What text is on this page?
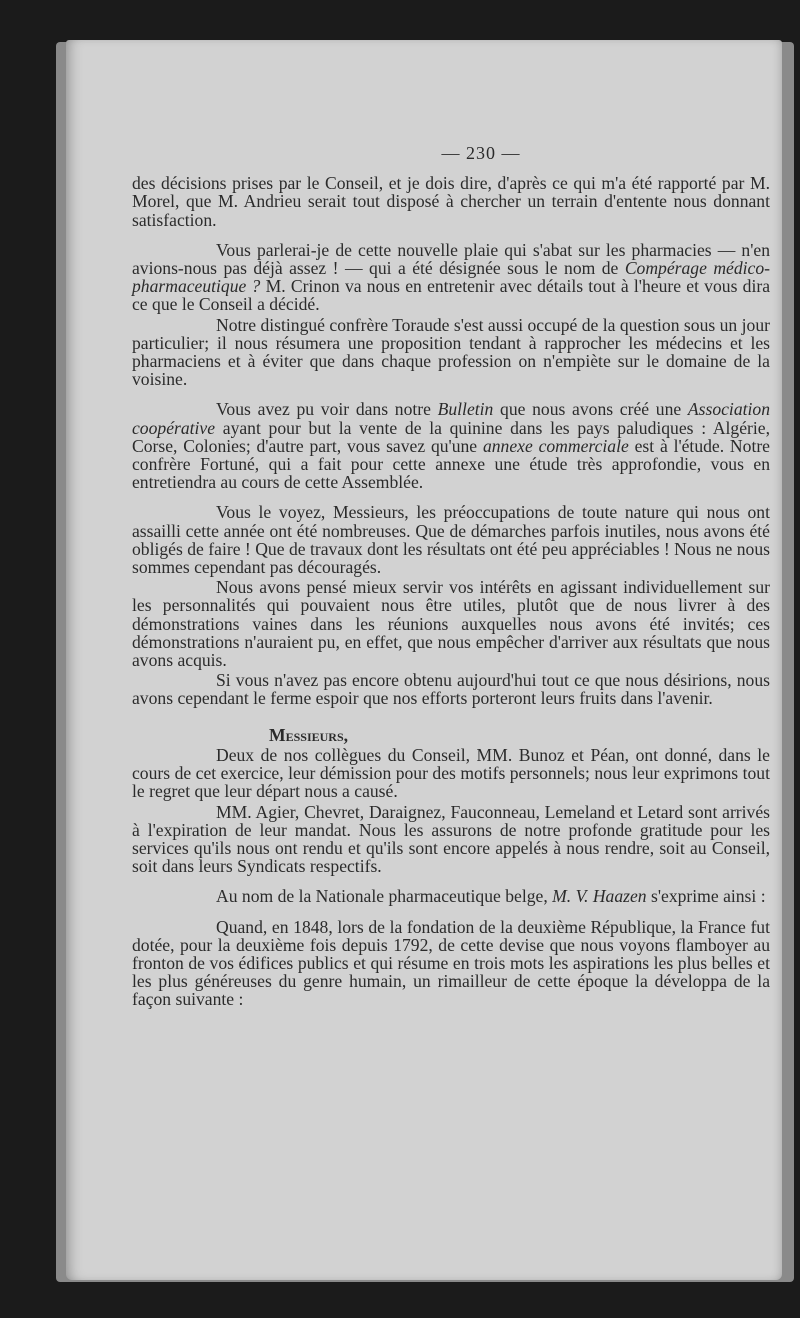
— 230 —

des décisions prises par le Conseil, et je dois dire, d'après ce qui m'a été rapporté par M. Morel, que M. Andrieu serait tout disposé à chercher un terrain d'entente nous donnant satisfaction.

Vous parlerai-je de cette nouvelle plaie qui s'abat sur les pharmacies — n'en avions-nous pas déjà assez ! — qui a été désignée sous le nom de Compérage médico-pharmaceutique ? M. Crinon va nous en entretenir avec détails tout à l'heure et vous dira ce que le Conseil a décidé.

Notre distingué confrère Toraude s'est aussi occupé de la question sous un jour particulier; il nous résumera une proposition tendant à rapprocher les médecins et les pharmaciens et à éviter que dans chaque profession on n'empiète sur le domaine de la voisine.

Vous avez pu voir dans notre Bulletin que nous avons créé une Association coopérative ayant pour but la vente de la quinine dans les pays paludiques : Algérie, Corse, Colonies; d'autre part, vous savez qu'une annexe commerciale est à l'étude. Notre confrère Fortuné, qui a fait pour cette annexe une étude très approfondie, vous en entretiendra au cours de cette Assemblée.

Vous le voyez, Messieurs, les préoccupations de toute nature qui nous ont assailli cette année ont été nombreuses. Que de démarches parfois inutiles, nous avons été obligés de faire ! Que de travaux dont les résultats ont été peu appréciables ! Nous ne nous sommes cependant pas découragés.

Nous avons pensé mieux servir vos intérêts en agissant individuellement sur les personnalités qui pouvaient nous être utiles, plutôt que de nous livrer à des démonstrations vaines dans les réunions auxquelles nous avons été invités; ces démonstrations n'auraient pu, en effet, que nous empêcher d'arriver aux résultats que nous avons acquis.

Si vous n'avez pas encore obtenu aujourd'hui tout ce que nous désirions, nous avons cependant le ferme espoir que nos efforts porteront leurs fruits dans l'avenir.

Messieurs,

Deux de nos collègues du Conseil, MM. Bunoz et Péan, ont donné, dans le cours de cet exercice, leur démission pour des motifs personnels; nous leur exprimons tout le regret que leur départ nous a causé.

MM. Agier, Chevret, Daraignez, Fauconneau, Lemeland et Letard sont arrivés à l'expiration de leur mandat. Nous les assurons de notre profonde gratitude pour les services qu'ils nous ont rendu et qu'ils sont encore appelés à nous rendre, soit au Conseil, soit dans leurs Syndicats respectifs.

Au nom de la Nationale pharmaceutique belge, M. V. Haazen s'exprime ainsi :

Quand, en 1848, lors de la fondation de la deuxième République, la France fut dotée, pour la deuxième fois depuis 1792, de cette devise que nous voyons flamboyer au fronton de vos édifices publics et qui résume en trois mots les aspirations les plus belles et les plus généreuses du genre humain, un rimailleur de cette époque la développa de la façon suivante :
